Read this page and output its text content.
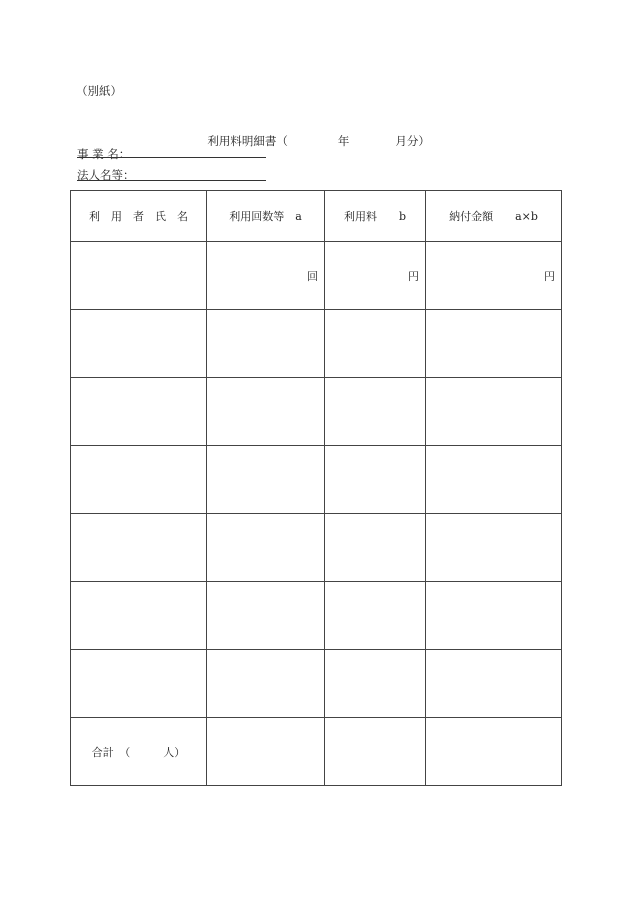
（別紙）

利用料明細書（	年	月分）

事 業 名：
法人名等：
利　用　者　氏　名	利用回数等　a	利用料　　b	納付金額　　a×b
	回	円	円

合計　（　　　人）			
